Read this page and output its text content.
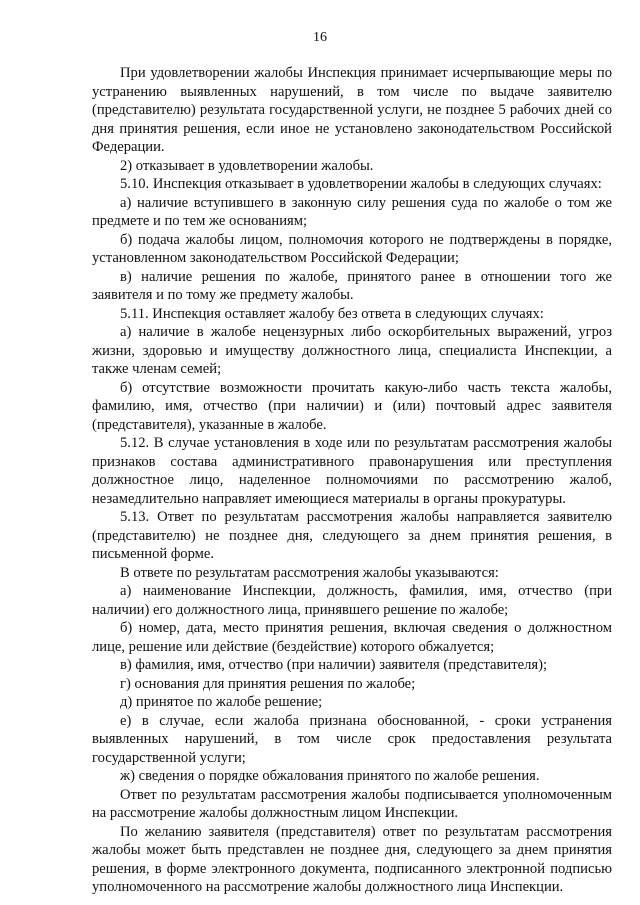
16

При удовлетворении жалобы Инспекция принимает исчерпывающие меры по устранению выявленных нарушений, в том числе по выдаче заявителю (представителю) результата государственной услуги, не позднее 5 рабочих дней со дня принятия решения, если иное не установлено законодательством Российской Федерации.

2) отказывает в удовлетворении жалобы.

5.10. Инспекция отказывает в удовлетворении жалобы в следующих случаях:

а) наличие вступившего в законную силу решения суда по жалобе о том же предмете и по тем же основаниям;

б) подача жалобы лицом, полномочия которого не подтверждены в порядке, установленном законодательством Российской Федерации;

в) наличие решения по жалобе, принятого ранее в отношении того же заявителя и по тому же предмету жалобы.

5.11. Инспекция оставляет жалобу без ответа в следующих случаях:

а) наличие в жалобе нецензурных либо оскорбительных выражений, угроз жизни, здоровью и имуществу должностного лица, специалиста Инспекции, а также членам семей;

б) отсутствие возможности прочитать какую-либо часть текста жалобы, фамилию, имя, отчество (при наличии) и (или) почтовый адрес заявителя (представителя), указанные в жалобе.

5.12. В случае установления в ходе или по результатам рассмотрения жалобы признаков состава административного правонарушения или преступления должностное лицо, наделенное полномочиями по рассмотрению жалоб, незамедлительно направляет имеющиеся материалы в органы прокуратуры.

5.13. Ответ по результатам рассмотрения жалобы направляется заявителю (представителю) не позднее дня, следующего за днем принятия решения, в письменной форме.

В ответе по результатам рассмотрения жалобы указываются:

а) наименование Инспекции, должность, фамилия, имя, отчество (при наличии) его должностного лица, принявшего решение по жалобе;

б) номер, дата, место принятия решения, включая сведения о должностном лице, решение или действие (бездействие) которого обжалуется;

в) фамилия, имя, отчество (при наличии) заявителя (представителя);

г) основания для принятия решения по жалобе;

д) принятое по жалобе решение;

е) в случае, если жалоба признана обоснованной, - сроки устранения выявленных нарушений, в том числе срок предоставления результата государственной услуги;

ж) сведения о порядке обжалования принятого по жалобе решения.

Ответ по результатам рассмотрения жалобы подписывается уполномоченным на рассмотрение жалобы должностным лицом Инспекции.

По желанию заявителя (представителя) ответ по результатам рассмотрения жалобы может быть представлен не позднее дня, следующего за днем принятия решения, в форме электронного документа, подписанного электронной подписью уполномоченного на рассмотрение жалобы должностного лица Инспекции.
